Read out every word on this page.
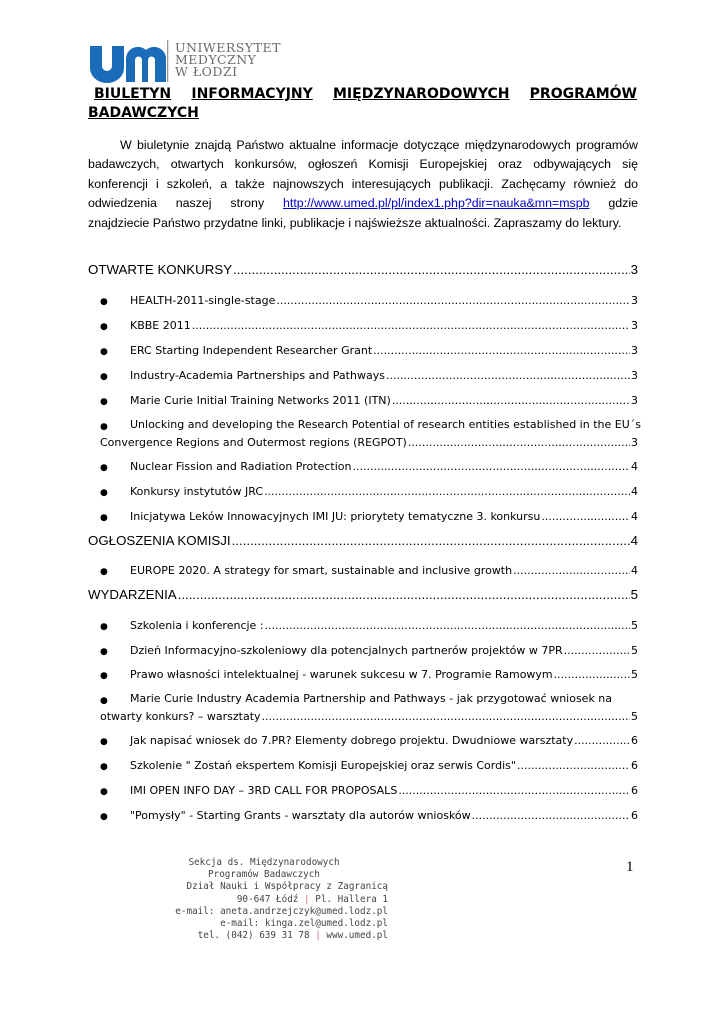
UNIWERSYTET
MEDYCZNY
W ŁODZI
BIULETYN INFORMACYJNY MIĘDZYNARODOWYCH PROGRAMÓW
BADAWCZYCH
W biuletynie znajdą Państwo aktualne informacje dotyczące międzynarodowych programów badawczych, otwartych konkursów, ogłoszeń Komisji Europejskiej oraz odbywających się konferencji i szkoleń, a także najnowszych interesujących publikacji. Zachęcamy również do odwiedzenia naszej strony http://www.umed.pl/pl/index1.php?dir=nauka&mn=mspb gdzie znajdziecie Państwo przydatne linki, publikacje i najświeższe aktualności. Zapraszamy do lektury.
OTWARTE KONKURSY .....	3
●	HEALTH-2011-single-stage .....	3
●	KBBE 2011 .....	3
●	ERC Starting Independent Researcher Grant .....	3
●	Industry-Academia Partnerships and Pathways .....	3
●	Marie Curie Initial Training Networks 2011 (ITN) .....	3
●	Unlocking and developing the Research Potential of research entities established in the EU´s
Convergence Regions and Outermost regions (REGPOT) .....	3
●	Nuclear Fission and Radiation Protection .....	4
●	Konkursy instytutów JRC .....	4
●	Inicjatywa Leków Innowacyjnych IMI JU: priorytety tematyczne 3. konkursu .....	4
OGŁOSZENIA KOMISJI .....	4
●	EUROPE 2020. A strategy for smart, sustainable and inclusive growth .....	4
WYDARZENIA .....	5
●	Szkolenia i konferencje : .....	5
●	Dzień Informacyjno-szkoleniowy dla potencjalnych partnerów projektów w 7PR .....	5
●	Prawo własności intelektualnej - warunek sukcesu w 7. Programie Ramowym .....	5
●	Marie Curie Industry Academia Partnership and Pathways - jak przygotować wniosek na
otwarty konkurs? – warsztaty .....	5
●	Jak napisać wniosek do 7.PR? Elementy dobrego projektu. Dwudniowe warsztaty .....	6
●	Szkolenie " Zostań ekspertem Komisji Europejskiej oraz serwis Cordis" .....	6
●	IMI OPEN INFO DAY – 3RD CALL FOR PROPOSALS .....	6
●	"Pomysły" - Starting Grants - warsztaty dla autorów wniosków .....	6
Sekcja ds. Międzynarodowych
Programów Badawczych
Dział Nauki i Współpracy z Zagranicą
90-647 Łódź | Pl. Hallera 1
e-mail: aneta.andrzejczyk@umed.lodz.pl
e-mail: kinga.zel@umed.lodz.pl
tel. (042) 639 31 78 | www.umed.pl
1
